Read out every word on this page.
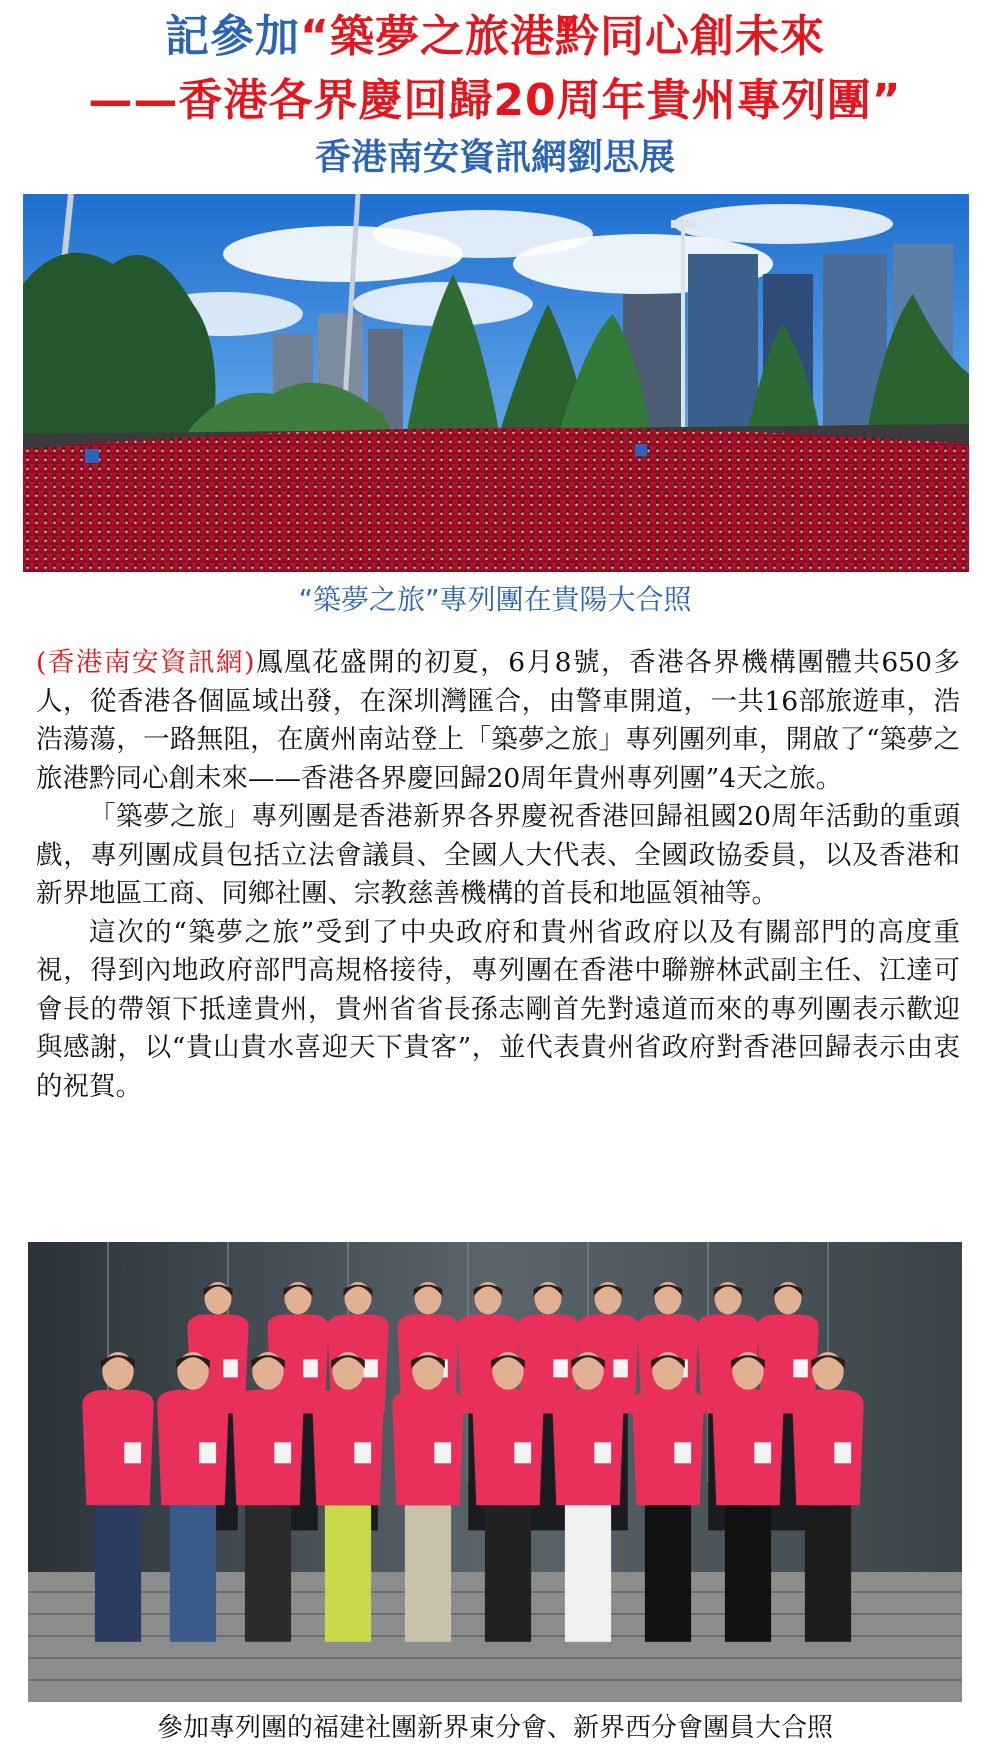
記參加“築夢之旅港黔同心創未來
——香港各界慶回歸20周年貴州專列團”
香港南安資訊網劉思展
“築夢之旅”專列團在貴陽大合照

(香港南安資訊網)鳳凰花盛開的初夏，6月8號，香港各界機構團體共650多人，從香港各個區域出發，在深圳灣匯合，由警車開道，一共16部旅遊車，浩浩蕩蕩，一路無阻，在廣州南站登上「築夢之旅」專列團列車，開啟了“築夢之旅港黔同心創未來——香港各界慶回歸20周年貴州專列團”4天之旅。

「築夢之旅」專列團是香港新界各界慶祝香港回歸祖國20周年活動的重頭戲，專列團成員包括立法會議員、全國人大代表、全國政協委員，以及香港和新界地區工商、同鄉社團、宗教慈善機構的首長和地區領袖等。

這次的“築夢之旅”受到了中央政府和貴州省政府以及有關部門的高度重視，得到內地政府部門高規格接待，專列團在香港中聯辦林武副主任、江達可會長的帶領下抵達貴州，貴州省省長孫志剛首先對遠道而來的專列團表示歡迎與感謝，以“貴山貴水喜迎天下貴客”，並代表貴州省政府對香港回歸表示由衷的祝賀。

參加專列團的福建社團新界東分會、新界西分會團員大合照
